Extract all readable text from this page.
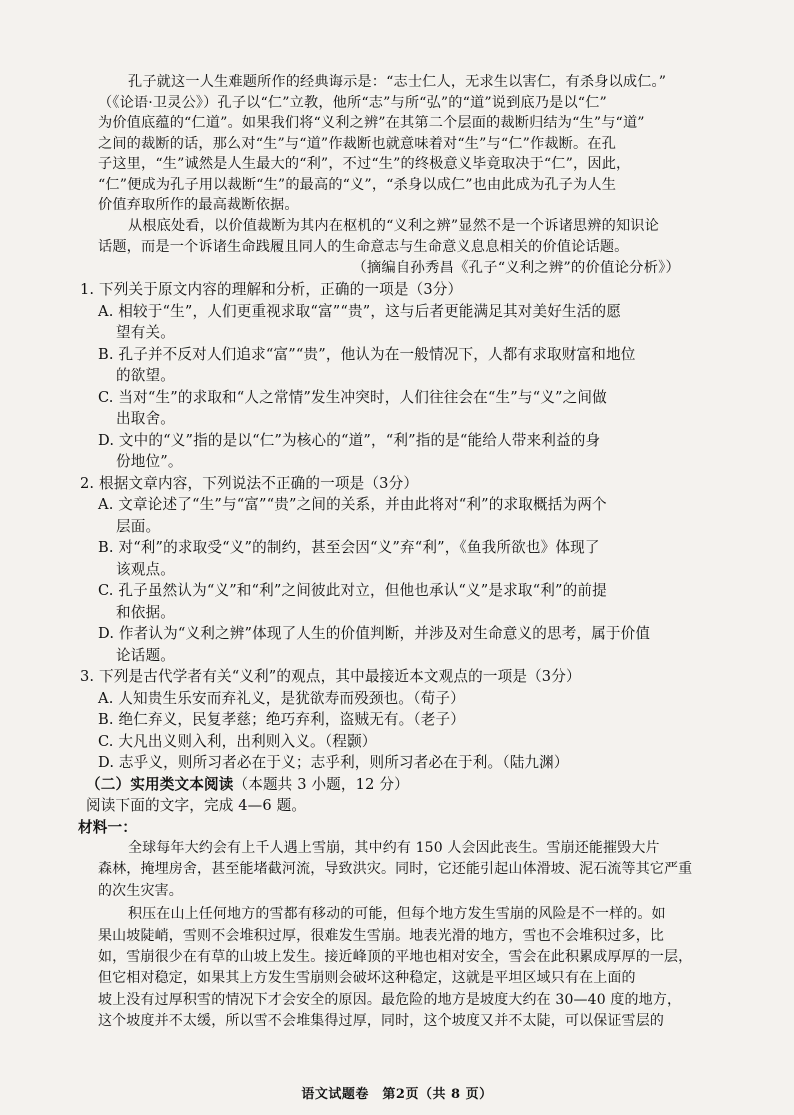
孔子就这一人生难题所作的经典诲示是：“志士仁人，无求生以害仁，有杀身以成仁。”
（《论语·卫灵公》）孔子以“仁”立教，他所“志”与所“弘”的“道”说到底乃是以“仁”
为价值底蕴的“仁道”。如果我们将“义利之辨”在其第二个层面的裁断归结为“生”与“道”
之间的裁断的话，那么对“生”与“道”作裁断也就意味着对“生”与“仁”作裁断。在孔
子这里，“生”诚然是人生最大的“利”，不过“生”的终极意义毕竟取决于“仁”，因此，
“仁”便成为孔子用以裁断“生”的最高的“义”，“杀身以成仁”也由此成为孔子为人生
价值弃取所作的最高裁断依据。
从根底处看，以价值裁断为其内在枢机的“义利之辨”显然不是一个诉诸思辨的知识论
话题，而是一个诉诸生命践履且同人的生命意志与生命意义息息相关的价值论话题。
（摘编自孙秀昌《孔子“义利之辨”的价值论分析》）
1. 下列关于原文内容的理解和分析，正确的一项是（3分）
A. 相较于“生”，人们更重视求取“富”“贵”，这与后者更能满足其对美好生活的愿
望有关。
B. 孔子并不反对人们追求“富”“贵”，他认为在一般情况下，人都有求取财富和地位
的欲望。
C. 当对“生”的求取和“人之常情”发生冲突时，人们往往会在“生”与“义”之间做
出取舍。
D. 文中的“义”指的是以“仁”为核心的“道”，“利”指的是“能给人带来利益的身
份地位”。
2. 根据文章内容，下列说法不正确的一项是（3分）
A. 文章论述了“生”与“富”“贵”之间的关系，并由此将对“利”的求取概括为两个
层面。
B. 对“利”的求取受“义”的制约，甚至会因“义”弃“利”，《鱼我所欲也》体现了
该观点。
C. 孔子虽然认为“义”和“利”之间彼此对立，但他也承认“义”是求取“利”的前提
和依据。
D. 作者认为“义利之辨”体现了人生的价值判断，并涉及对生命意义的思考，属于价值
论话题。
3. 下列是古代学者有关“义利”的观点，其中最接近本文观点的一项是（3分）
A. 人知贵生乐安而弃礼义，是犹欲寿而殁颈也。（荀子）
B. 绝仁弃义，民复孝慈；绝巧弃利，盗贼无有。（老子）
C. 大凡出义则入利，出利则入义。（程颢）
D. 志乎义，则所习者必在于义；志乎利，则所习者必在于利。（陆九渊）
（二）实用类文本阅读（本题共 3 小题，12 分）
阅读下面的文字，完成 4—6 题。
材料一：
全球每年大约会有上千人遇上雪崩，其中约有 150 人会因此丧生。雪崩还能摧毁大片
森林，掩埋房舍，甚至能堵截河流，导致洪灾。同时，它还能引起山体滑坡、泥石流等其它严重
的次生灾害。
积压在山上任何地方的雪都有移动的可能，但每个地方发生雪崩的风险是不一样的。如
果山坡陡峭，雪则不会堆积过厚，很难发生雪崩。地表光滑的地方，雪也不会堆积过多，比
如，雪崩很少在有草的山坡上发生。接近峰顶的平地也相对安全，雪会在此积累成厚厚的一层，
但它相对稳定，如果其上方发生雪崩则会破坏这种稳定，这就是平坦区域只有在上面的
坡上没有过厚积雪的情况下才会安全的原因。最危险的地方是坡度大约在 30—40 度的地方，
这个坡度并不太缓，所以雪不会堆集得过厚，同时，这个坡度又并不太陡，可以保证雪层的
语文试题卷　第2页（共 8 页）
